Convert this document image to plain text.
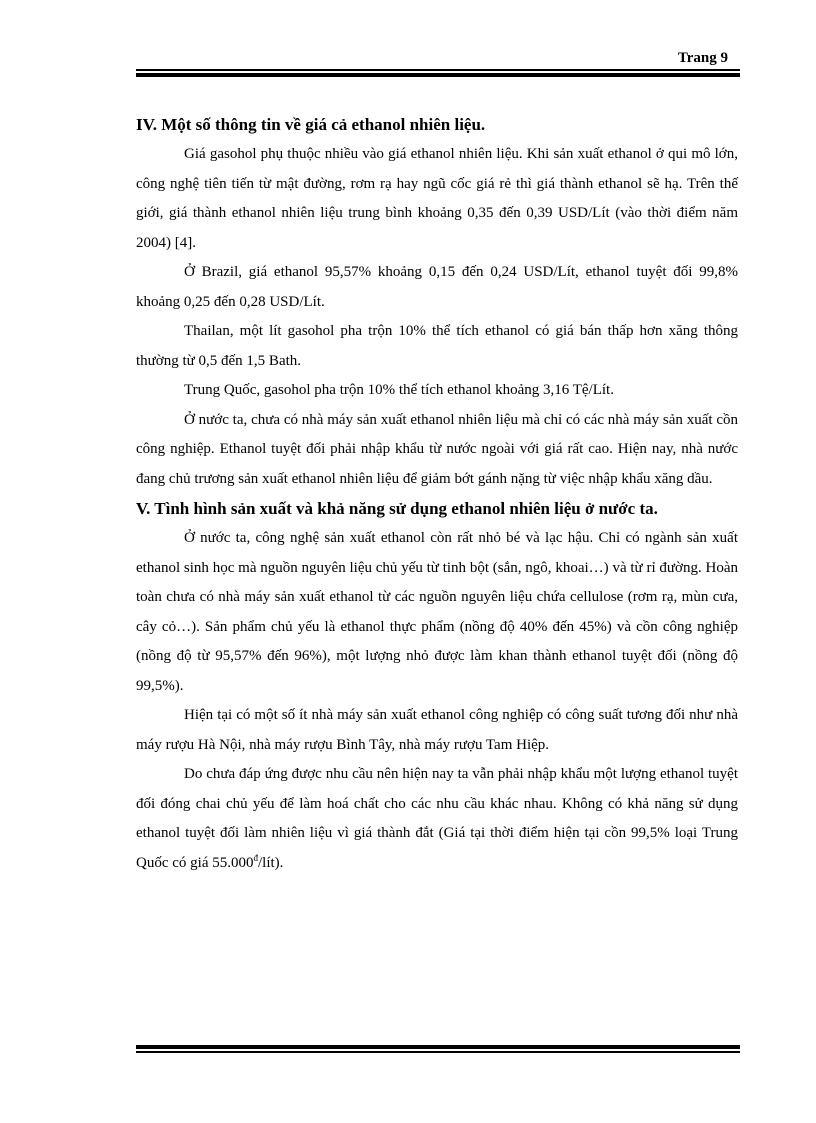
Trang 9
IV. Một số thông tin về giá cả ethanol nhiên liệu.

Giá gasohol phụ thuộc nhiều vào giá ethanol nhiên liệu. Khi sản xuất ethanol ở qui mô lớn, công nghệ tiên tiến từ mật đường, rơm rạ hay ngũ cốc giá rẻ thì giá thành ethanol sẽ hạ. Trên thế giới, giá thành ethanol nhiên liệu trung bình khoảng 0,35 đến 0,39 USD/Lít (vào thời điểm năm 2004) [4].

Ở Brazil, giá ethanol 95,57% khoảng 0,15 đến 0,24 USD/Lít, ethanol tuyệt đối 99,8% khoảng 0,25 đến 0,28 USD/Lít.

Thailan, một lít gasohol pha trộn 10% thể tích ethanol có giá bán thấp hơn xăng thông thường từ 0,5 đến 1,5 Bath.

Trung Quốc, gasohol pha trộn 10% thể tích ethanol khoảng 3,16 Tệ/Lít.

Ở nước ta, chưa có nhà máy sản xuất ethanol nhiên liệu mà chỉ có các nhà máy sản xuất cồn công nghiệp. Ethanol tuyệt đối phải nhập khẩu từ nước ngoài với giá rất cao. Hiện nay, nhà nước đang chủ trương sản xuất ethanol nhiên liệu để giảm bớt gánh nặng từ việc nhập khẩu xăng dầu.

V. Tình hình sản xuất và khả năng sử dụng ethanol nhiên liệu ở nước ta.

Ở nước ta, công nghệ sản xuất ethanol còn rất nhỏ bé và lạc hậu. Chỉ có ngành sản xuất ethanol sinh học mà nguồn nguyên liệu chủ yếu từ tinh bột (sắn, ngô, khoai…) và từ rỉ đường. Hoàn toàn chưa có nhà máy sản xuất ethanol từ các nguồn nguyên liệu chứa cellulose (rơm rạ, mùn cưa, cây cỏ…). Sản phẩm chủ yếu là ethanol thực phẩm (nồng độ 40% đến 45%) và cồn công nghiệp (nồng độ từ 95,57% đến 96%), một lượng nhỏ được làm khan thành ethanol tuyệt đối (nồng độ 99,5%).

Hiện tại có một số ít nhà máy sản xuất ethanol công nghiệp có công suất tương đối như nhà máy rượu Hà Nội, nhà máy rượu Bình Tây, nhà máy rượu Tam Hiệp.

Do chưa đáp ứng được nhu cầu nên hiện nay ta vẫn phải nhập khẩu một lượng ethanol tuyệt đối đóng chai chủ yếu để làm hoá chất cho các nhu cầu khác nhau. Không có khả năng sử dụng ethanol tuyệt đối làm nhiên liệu vì giá thành đắt (Giá tại thời điểm hiện tại cồn 99,5% loại Trung Quốc có giá $55.000^đ/lít$).
